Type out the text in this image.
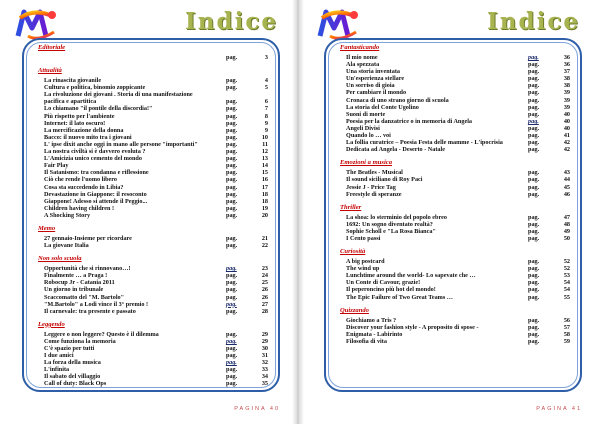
Indice
Editoriale
pag.	3
Attualità
La rinascita giovanile	pag.	4
Cultura e politica, binomio zoppicante	pag.	5
La rivoluzione dei giovani . Storia di una manifestazione
pacifica e apartitica	pag.	6
Lo chiamano "il pontile della discordia!"	pag.	7
Più rispetto per l'ambiente	pag.	8
Internet: il lato oscuro!	pag.	9
La mercificazione della donna	pag.	9
Bacco: il nuovo mito tra i giovani	pag.	10
L' ipse dixit anche oggi in mano alle persone "importanti"	pag.	11
La nostra civiltà si è davvero evoluta ?	pag.	12
L'Amicizia uniсo cemento del mondo	pag.	13
Fair Play	pag.	14
Il Satanismo: tra condanna e riflessione	pag.	15
Ciò che rende l'uomo libero	pag.	16
Cosa sta succedendo in Libia?	pag.	17
Devastazione in Giappone: il resoconto	pag.	18
Giappone! Adesso si attende il Peggio...	pag.	18
Children having children !	pag.	19
A Shocking Story	pag.	20
Memo
27 gennaio-Insieme per ricordare	pag.	21
La giovane Italia	pag.	22
Non solo scuola
Opportunità che si rinnovano…!	pag.	23
Finalmente … a Praga !	pag.	24
Robocup Jr - Catania 2011	pag.	25
Un giorno in tribunale	pag.	26
Scaccomatto del "M. Bartolo"	pag.	26
"M.Bartolo" a Lodi vince il 3° premio !	pag.	27
Il carnevale: tra presente e passato	pag.	28
Leggendo
Leggere o non leggere? Questo è il dilemma	pag.	29
Come funziona la memoria	pag.	29
C'è spazio per tutti	pag.	30
I due amici	pag.	31
La forza della musica	pag.	32
L'infinita	pag.	33
Il sabato del villaggio	pag.	34
Call of duty: Black Ops	pag.	35
PAGINA 40
Indice
Fantasticando
Il mio nome	pag.	36
Ala spezzata	pag.	36
Una storia inventata	pag.	37
Un'esperienza stellare	pag.	38
Un sorriso di gioia	pag.	38
Per cambiare il mondo	pag.	39
Cronaca di uno strano giorno di scuola	pag.	39
La storia del Conte Ugolino	pag.	39
Suoni di morte	pag.	40
Poesia per la danzatrice o in memoria di Angela	pag.	40
Angeli Divisi	pag.	40
Quando lo … voi	pag.	41
La follia curatrice – Poesia Festa delle mamme - L'ipocrisia	pag.	42
Dedicata ad Angela - Deserto - Natale	pag.	42
Emozioni a musica
The Beatles - Musical	pag.	43
Il sound siciliano di Roy Paci	pag.	44
Jessie J - Price Tag	pag.	45
Freestyle di speranze	pag.	46
Thriller
La shoa: lo sterminio del popolo ebreo	pag.	47
1692: Un sogno diventato realtà?	pag.	48
Sophie Scholl e "La Rosa Bianca"	pag.	49
I Cento passi	pag.	50
Curiosità
A big postcard	pag.	52
The wind up	pag.	52
Lunchtime around the world- Lo sapevate che …	pag.	53
Un Conte di Cavour, grazie!	pag.	54
Il peperoncino più hot del mondo!	pag.	54
The Epic Failure of Two Great Teams …	pag.	55
Quizzando
Giochiamo a Tris ?	pag.	56
Discover your fashion style - A proposito di spose -	pag.	57
Enigmata - Labirinto	pag.	58
Filosofia di vita	pag.	59
PAGINA 41
